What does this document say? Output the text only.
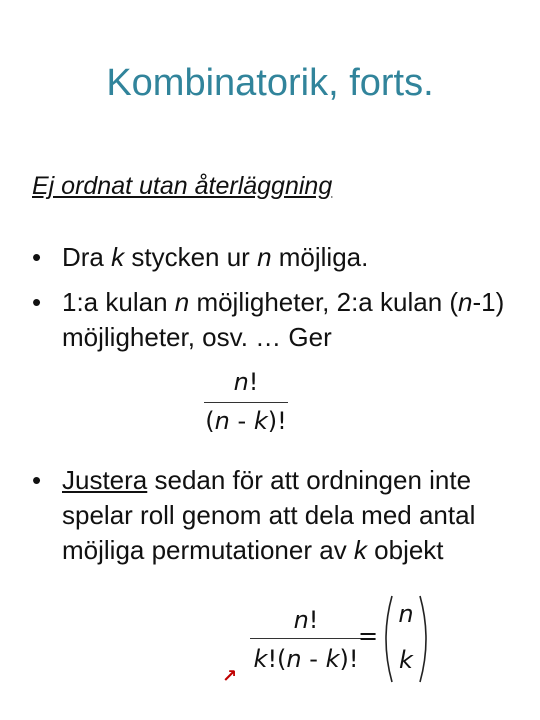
Kombinatorik, forts.
Ej ordnat utan återläggning
• Dra k stycken ur n möjliga.
• 1:a kulan n möjligheter, 2:a kulan (n-1) möjligheter, osv. … Ger
n!
(n - k)!
• Justera sedan för att ordningen inte spelar roll genom att dela med antal möjliga permutationer av k objekt
n!
k!(n - k)!
=
n
k
↗
